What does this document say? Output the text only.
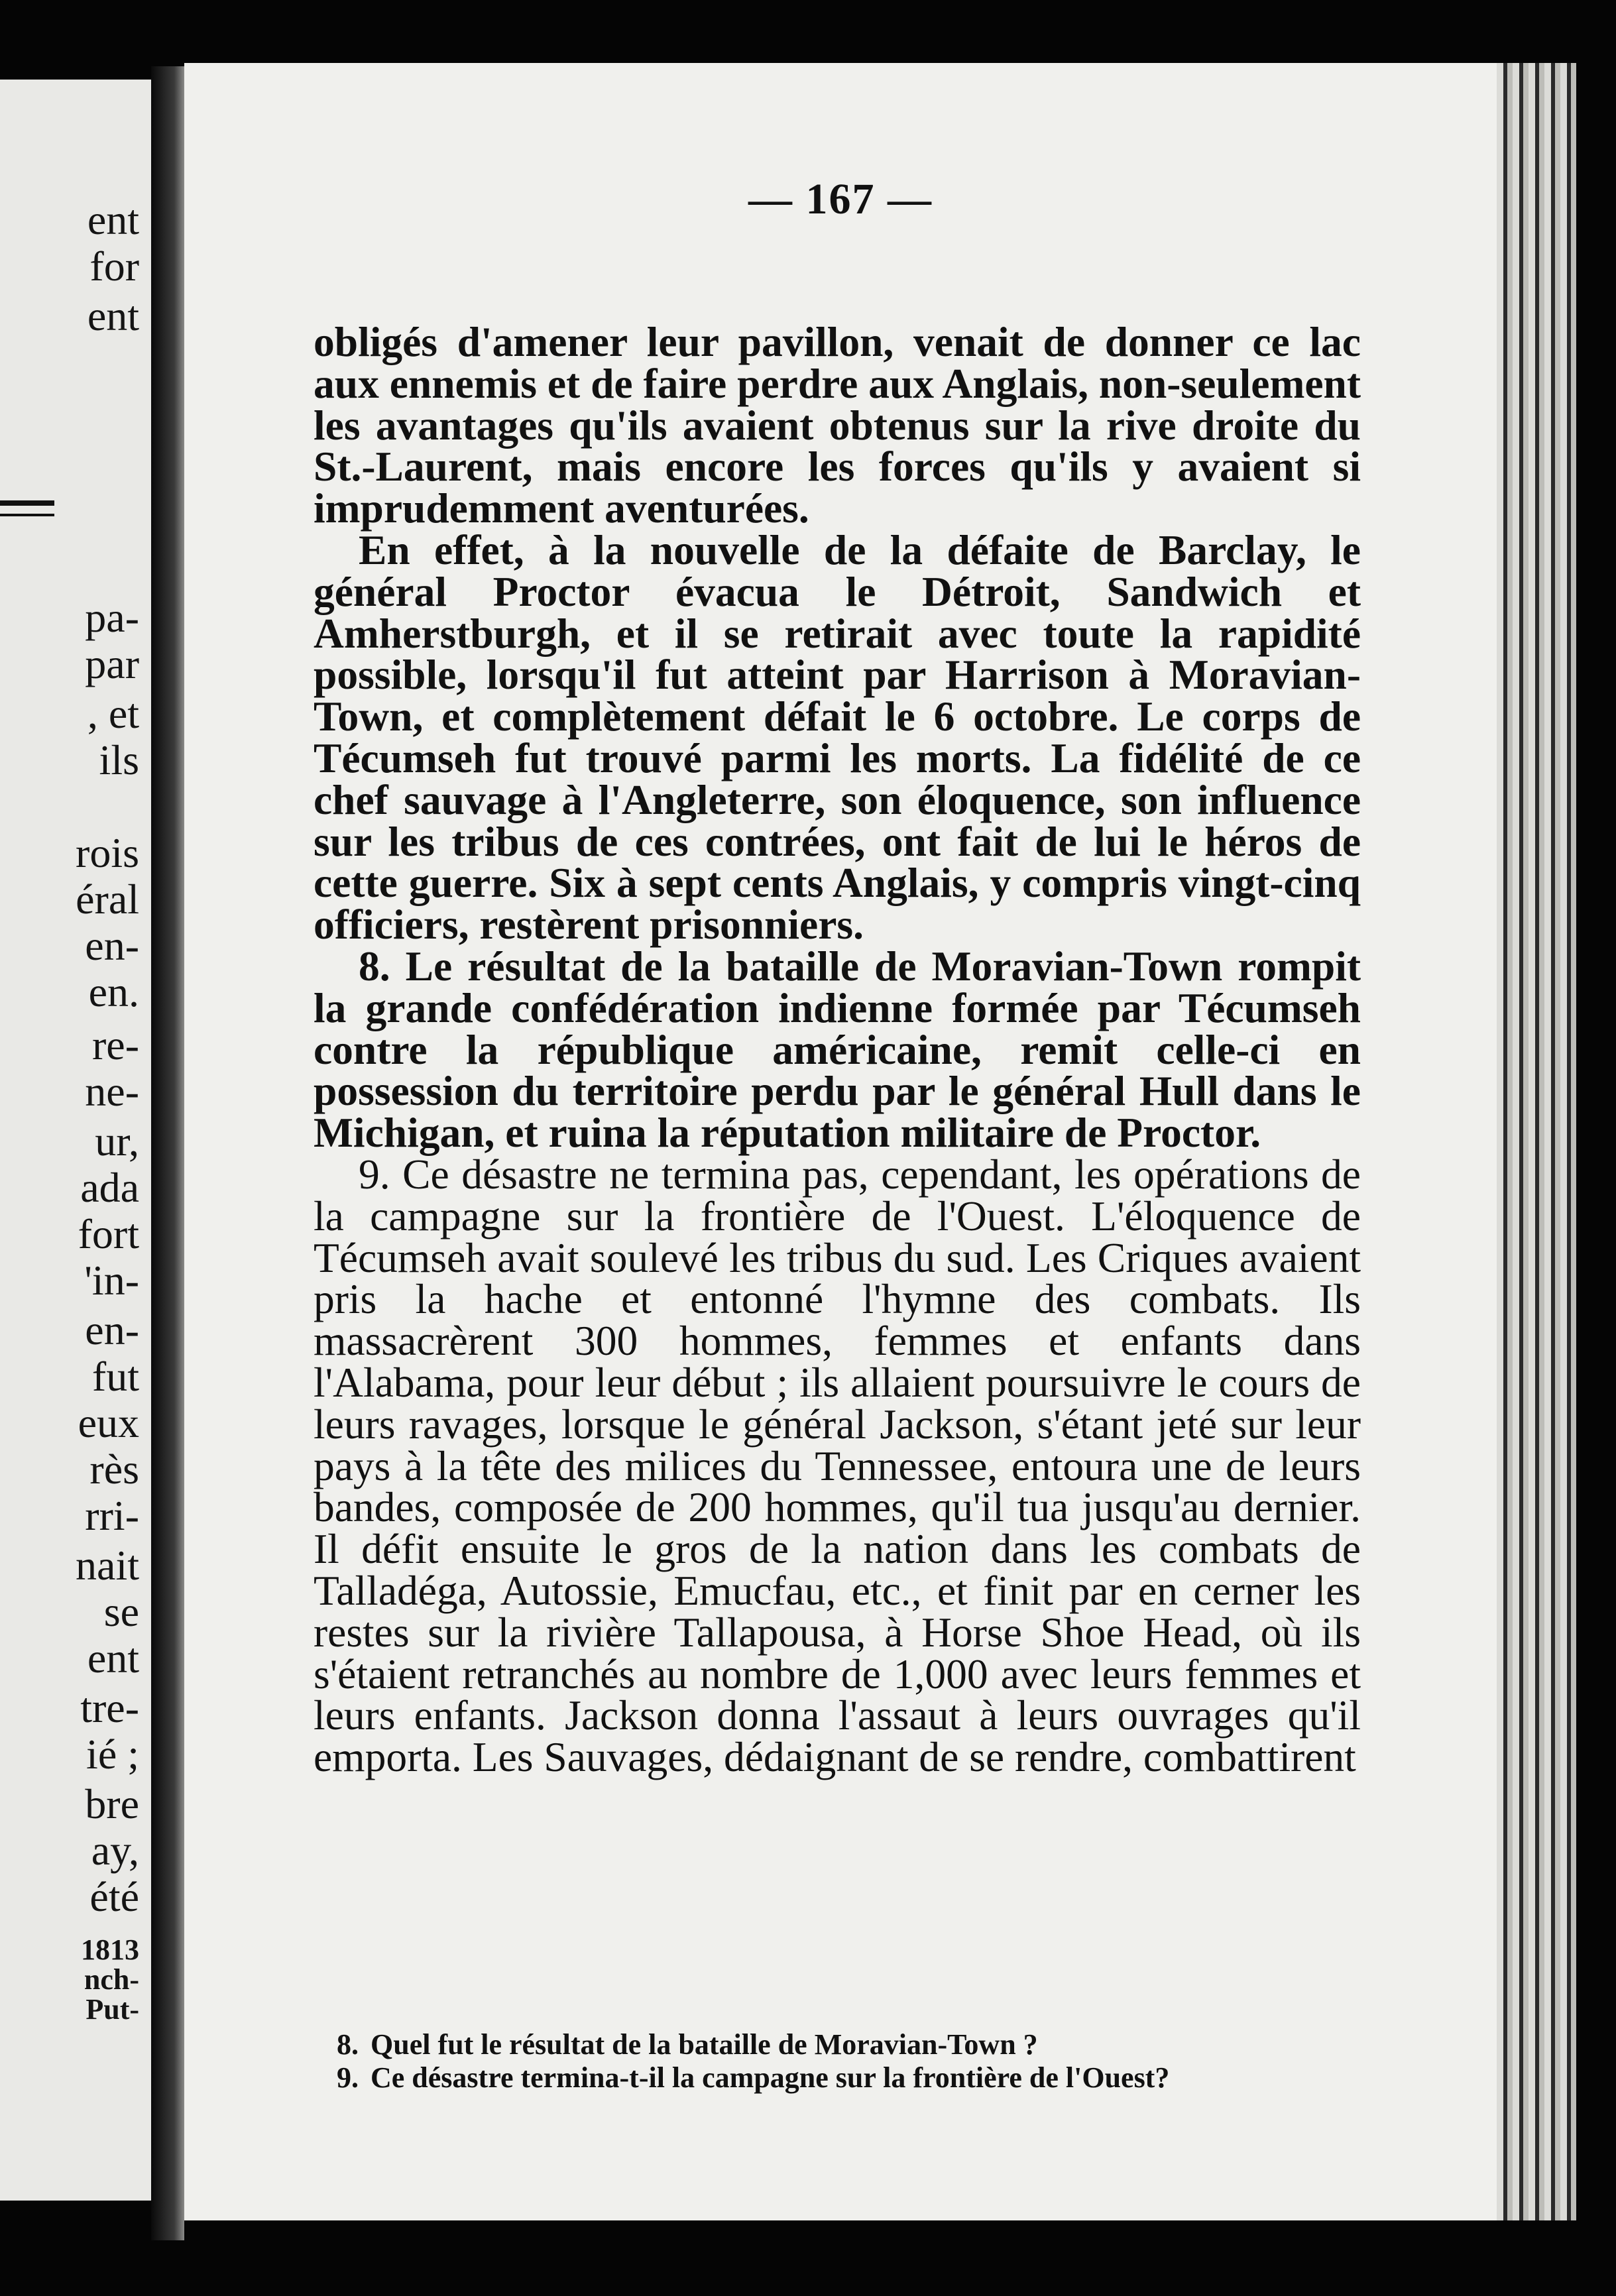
ent
for
ent
pa-
par
, et
ils
rois
éral
en-
en.
re-
ne-
ur,
ada
fort
'in-
en-
fut
eux
rès
rri-
nait
se
ent
tre-
ié ;
bre
ay,
été
1813
nch-
Put-
— 167 —

obligés d'amener leur pavillon, venait de donner ce lac aux ennemis et de faire perdre aux Anglais, non-seulement les avantages qu'ils avaient obtenus sur la rive droite du St.-Laurent, mais encore les forces qu'ils y avaient si imprudemment aventurées.

En effet, à la nouvelle de la défaite de Barclay, le général Proctor évacua le Détroit, Sandwich et Amherstburgh, et il se retirait avec toute la rapidité possible, lorsqu'il fut atteint par Harrison à Moravian-Town, et complètement défait le 6 octobre. Le corps de Técumseh fut trouvé parmi les morts. La fidélité de ce chef sauvage à l'Angleterre, son éloquence, son influence sur les tribus de ces contrées, ont fait de lui le héros de cette guerre. Six à sept cents Anglais, y compris vingt-cinq officiers, restèrent prisonniers.

8. Le résultat de la bataille de Moravian-Town rompit la grande confédération indienne formée par Técumseh contre la république américaine, remit celle-ci en possession du territoire perdu par le général Hull dans le Michigan, et ruina la réputation militaire de Proctor.

9. Ce désastre ne termina pas, cependant, les opérations de la campagne sur la frontière de l'Ouest. L'éloquence de Técumseh avait soulevé les tribus du sud. Les Criques avaient pris la hache et entonné l'hymne des combats. Ils massacrèrent 300 hommes, femmes et enfants dans l'Alabama, pour leur début ; ils allaient poursuivre le cours de leurs ravages, lorsque le général Jackson, s'étant jeté sur leur pays à la tête des milices du Tennessee, entoura une de leurs bandes, composée de 200 hommes, qu'il tua jusqu'au dernier. Il défit ensuite le gros de la nation dans les combats de Talladéga, Autossie, Emucfau, etc., et finit par en cerner les restes sur la rivière Tallapousa, à Horse Shoe Head, où ils s'étaient retranchés au nombre de 1,000 avec leurs femmes et leurs enfants. Jackson donna l'assaut à leurs ouvrages qu'il emporta. Les Sauvages, dédaignant de se rendre, combattirent

8. Quel fut le résultat de la bataille de Moravian-Town ?

9. Ce désastre termina-t-il la campagne sur la frontière de l'Ouest?
